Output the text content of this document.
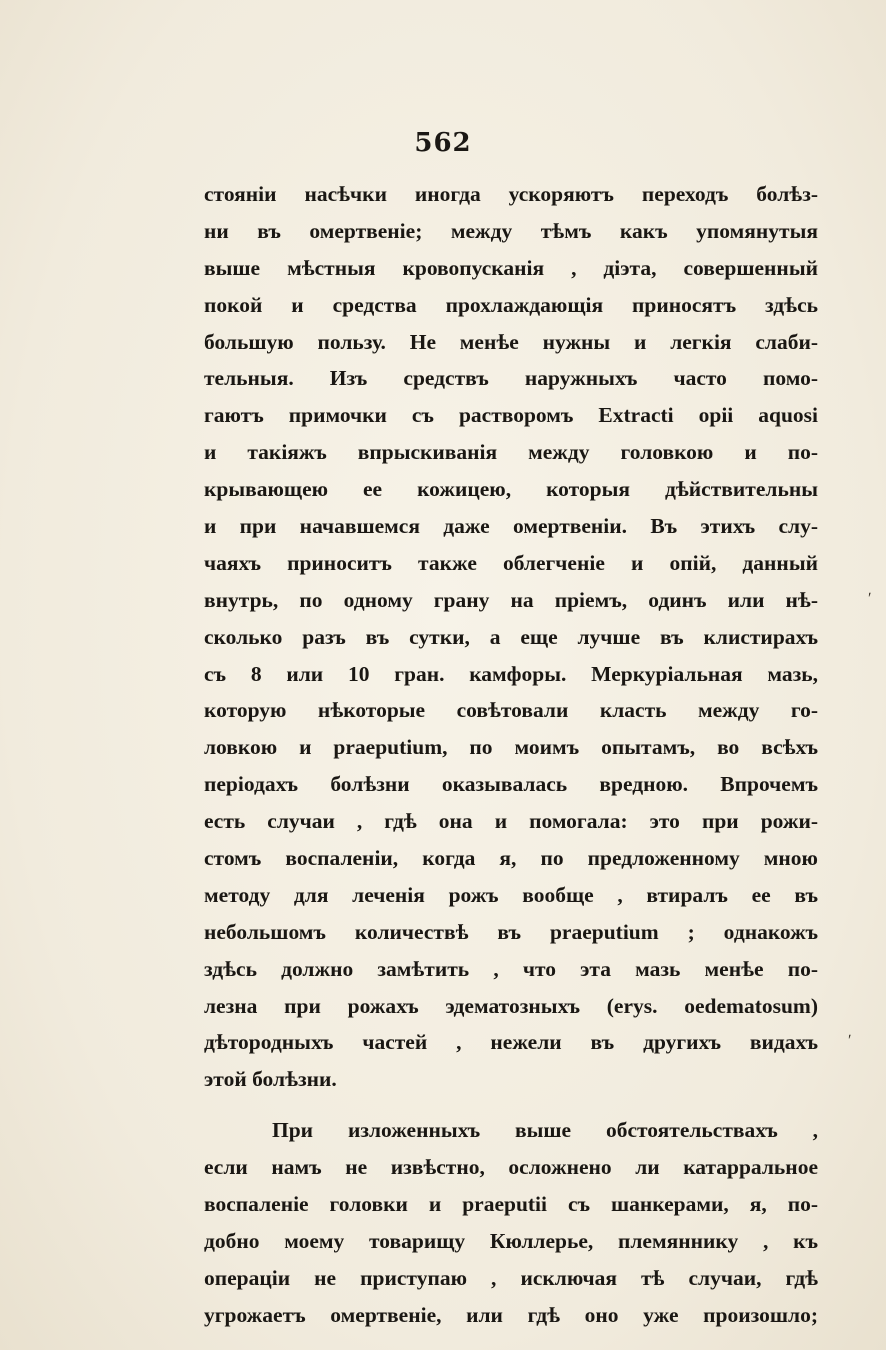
562
стояніи насѣчки иногда ускоряютъ переходъ болѣз-
ни въ омертвеніе; между тѣмъ какъ упомянутыя
выше мѣстныя кровопусканія , діэта, совершенный
покой и средства прохлаждающія приносятъ здѣсь
большую пользу. Не менѣе нужны и легкія слаби-
тельныя. Изъ средствъ наружныхъ часто помо-
гаютъ примочки съ растворомъ Extracti opii aquosi
и такіяжъ впрыскиванія между головкою и по-
крывающею ее кожицею, которыя дѣйствительны
и при начавшемся даже омертвеніи. Въ этихъ слу-
чаяхъ приноситъ также облегченіе и опій, данный
внутрь, по одному грану на пріемъ, одинъ или нѣ-
сколько разъ въ сутки, а еще лучше въ клистирахъ
съ 8 или 10 гран. камфоры. Меркуріальная мазь,
которую нѣкоторые совѣтовали класть между го-
ловкою и praeputium, по моимъ опытамъ, во всѣхъ
періодахъ болѣзни оказывалась вредною. Впрочемъ
есть случаи , гдѣ она и помогала: это при рожи-
стомъ воспаленіи, когда я, по предложенному мною
методу для леченія рожъ вообще , втиралъ ее въ
небольшомъ количествѣ въ praeputium ; однакожъ
здѣсь должно замѣтить , что эта мазь менѣе по-
лезна при рожахъ эдематозныхъ (erys. oedematosum)
дѣтородныхъ частей , нежели въ другихъ видахъ
этой болѣзни.
При изложенныхъ выше обстоятельствахъ ,
если намъ не извѣстно, осложнено ли катарральное
воспаленіе головки и praeputii съ шанкерами, я, по-
добно моему товарищу Кюллерье, племяннику , къ
операціи не приступаю , исключая тѣ случаи, гдѣ
угрожаетъ омертвеніе, или гдѣ оно уже произошло;
ʹ
ʹ
